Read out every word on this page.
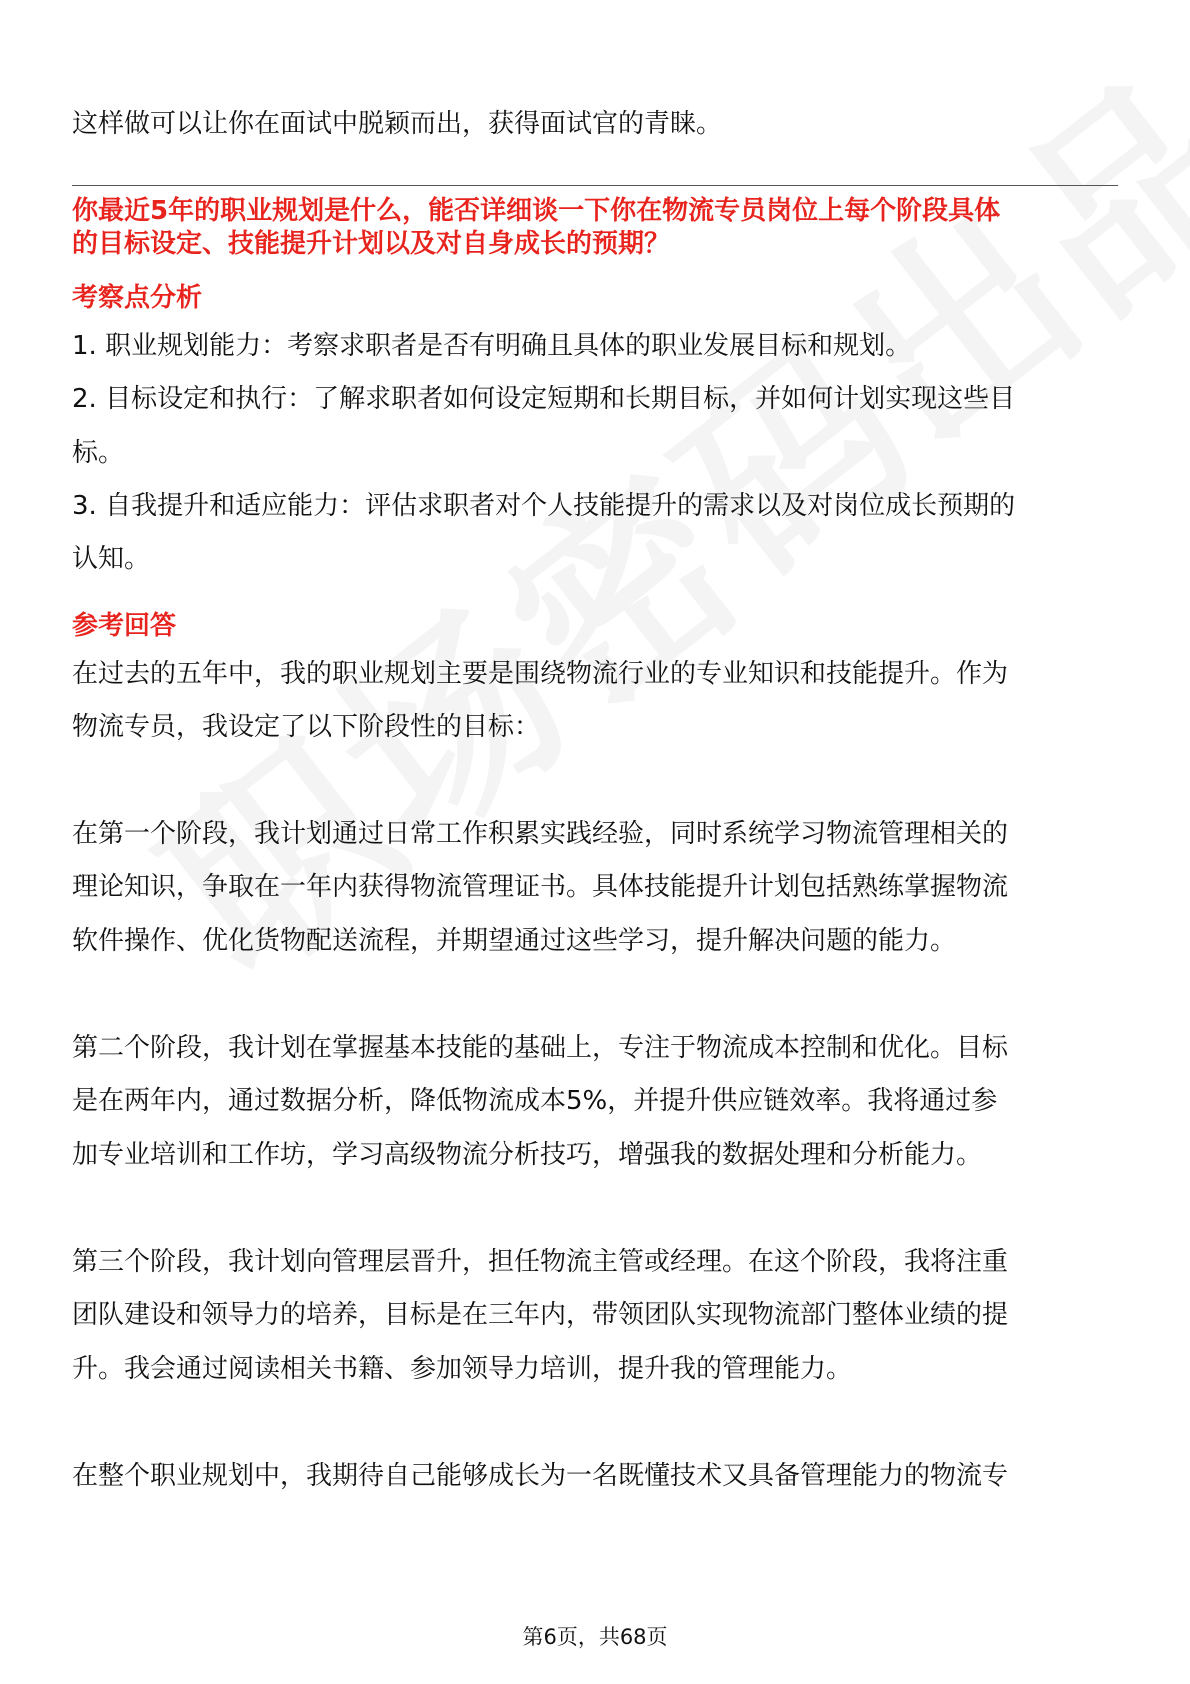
这样做可以让你在面试中脱颖而出，获得面试官的青睐。
你最近5年的职业规划是什么，能否详细谈一下你在物流专员岗位上每个阶段具体
的目标设定、技能提升计划以及对自身成长的预期？
考察点分析
1. 职业规划能力：考察求职者是否有明确且具体的职业发展目标和规划。
2. 目标设定和执行：了解求职者如何设定短期和长期目标，并如何计划实现这些目
标。
3. 自我提升和适应能力：评估求职者对个人技能提升的需求以及对岗位成长预期的
认知。
参考回答
在过去的五年中，我的职业规划主要是围绕物流行业的专业知识和技能提升。作为
物流专员，我设定了以下阶段性的目标：
在第一个阶段，我计划通过日常工作积累实践经验，同时系统学习物流管理相关的
理论知识，争取在一年内获得物流管理证书。具体技能提升计划包括熟练掌握物流
软件操作、优化货物配送流程，并期望通过这些学习，提升解决问题的能力。
第二个阶段，我计划在掌握基本技能的基础上，专注于物流成本控制和优化。目标
是在两年内，通过数据分析，降低物流成本5%，并提升供应链效率。我将通过参
加专业培训和工作坊，学习高级物流分析技巧，增强我的数据处理和分析能力。
第三个阶段，我计划向管理层晋升，担任物流主管或经理。在这个阶段，我将注重
团队建设和领导力的培养，目标是在三年内，带领团队实现物流部门整体业绩的提
升。我会通过阅读相关书籍、参加领导力培训，提升我的管理能力。
在整个职业规划中，我期待自己能够成长为一名既懂技术又具备管理能力的物流专
第6页，共68页
